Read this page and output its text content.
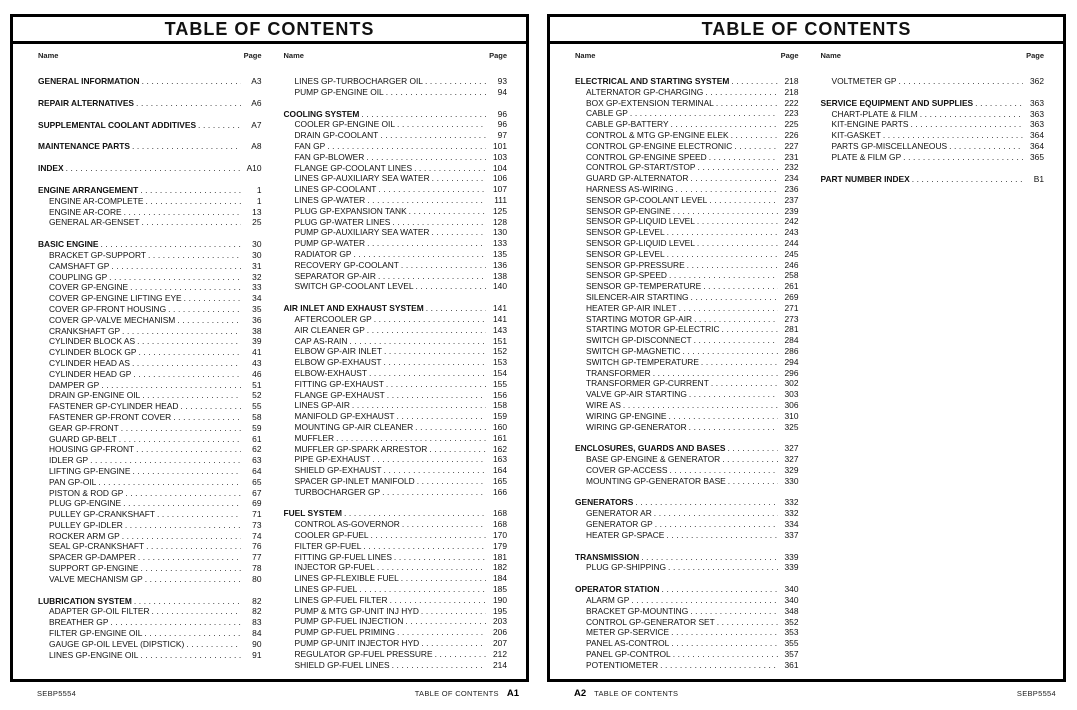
TABLE OF CONTENTS
Name	Page
GENERAL INFORMATION .....	A3
REPAIR ALTERNATIVES .....	A6
SUPPLEMENTAL COOLANT ADDITIVES .....	A7
MAINTENANCE PARTS .....	A8
INDEX .....	A10
ENGINE ARRANGEMENT .....	1
ENGINE AR-COMPLETE .....	1
ENGINE AR-CORE .....	13
GENERAL AR-GENSET .....	25
BASIC ENGINE .....	30
BRACKET GP-SUPPORT .....	30
CAMSHAFT GP .....	31
COUPLING GP .....	32
COVER GP-ENGINE .....	33
COVER GP-ENGINE LIFTING EYE .....	34
COVER GP-FRONT HOUSING .....	35
COVER GP-VALVE MECHANISM .....	36
CRANKSHAFT GP .....	38
CYLINDER BLOCK AS .....	39
CYLINDER BLOCK GP .....	41
CYLINDER HEAD AS .....	43
CYLINDER HEAD GP .....	46
DAMPER GP .....	51
DRAIN GP-ENGINE OIL .....	52
FASTENER GP-CYLINDER HEAD .....	55
FASTENER GP-FRONT COVER .....	58
GEAR GP-FRONT .....	59
GUARD GP-BELT .....	61
HOUSING GP-FRONT .....	62
IDLER GP .....	63
LIFTING GP-ENGINE .....	64
PAN GP-OIL .....	65
PISTON & ROD GP .....	67
PLUG GP-ENGINE .....	69
PULLEY GP-CRANKSHAFT .....	71
PULLEY GP-IDLER .....	73
ROCKER ARM GP .....	74
SEAL GP-CRANKSHAFT .....	76
SPACER GP-DAMPER .....	77
SUPPORT GP-ENGINE .....	78
VALVE MECHANISM GP .....	80
LUBRICATION SYSTEM .....	82
ADAPTER GP-OIL FILTER .....	82
BREATHER GP .....	83
FILTER GP-ENGINE OIL .....	84
GAUGE GP-OIL LEVEL (DIPSTICK) .....	90
LINES GP-ENGINE OIL .....	91
Name	Page
LINES GP-TURBOCHARGER OIL .....	93
PUMP GP-ENGINE OIL .....	94
COOLING SYSTEM .....	96
COOLER GP-ENGINE OIL .....	96
DRAIN GP-COOLANT .....	97
FAN GP .....	101
FAN GP-BLOWER .....	103
FLANGE GP-COOLANT LINES .....	104
LINES GP-AUXILIARY SEA WATER .....	106
LINES GP-COOLANT .....	107
LINES GP-WATER .....	111
PLUG GP-EXPANSION TANK .....	125
PLUG GP-WATER LINES .....	128
PUMP GP-AUXILIARY SEA WATER .....	130
PUMP GP-WATER .....	133
RADIATOR GP .....	135
RECOVERY GP-COOLANT .....	136
SEPARATOR GP-AIR .....	138
SWITCH GP-COOLANT LEVEL .....	140
AIR INLET AND EXHAUST SYSTEM .....	141
AFTERCOOLER GP .....	141
AIR CLEANER GP .....	143
CAP AS-RAIN .....	151
ELBOW GP-AIR INLET .....	152
ELBOW GP-EXHAUST .....	153
ELBOW-EXHAUST .....	154
FITTING GP-EXHAUST .....	155
FLANGE GP-EXHAUST .....	156
LINES GP-AIR .....	158
MANIFOLD GP-EXHAUST .....	159
MOUNTING GP-AIR CLEANER .....	160
MUFFLER .....	161
MUFFLER GP-SPARK ARRESTOR .....	162
PIPE GP-EXHAUST .....	163
SHIELD GP-EXHAUST .....	164
SPACER GP-INLET MANIFOLD .....	165
TURBOCHARGER GP .....	166
FUEL SYSTEM .....	168
CONTROL AS-GOVERNOR .....	168
COOLER GP-FUEL .....	170
FILTER GP-FUEL .....	179
FITTING GP-FUEL LINES .....	181
INJECTOR GP-FUEL .....	182
LINES GP-FLEXIBLE FUEL .....	184
LINES GP-FUEL .....	185
LINES GP-FUEL FILTER .....	190
PUMP & MTG GP-UNIT INJ HYD .....	195
PUMP GP-FUEL INJECTION .....	203
PUMP GP-FUEL PRIMING .....	206
PUMP GP-UNIT INJECTOR HYD .....	207
REGULATOR GP-FUEL PRESSURE .....	212
SHIELD GP-FUEL LINES .....	214
SEBP5554	TABLE OF CONTENTS A1
TABLE OF CONTENTS
Name	Page
ELECTRICAL AND STARTING SYSTEM .....	218
ALTERNATOR GP-CHARGING .....	218
BOX GP-EXTENSION TERMINAL .....	222
CABLE GP .....	223
CABLE GP-BATTERY .....	225
CONTROL & MTG GP-ENGINE ELEK .....	226
CONTROL GP-ENGINE ELECTRONIC .....	227
CONTROL GP-ENGINE SPEED .....	231
CONTROL GP-START/STOP .....	232
GUARD GP-ALTERNATOR .....	234
HARNESS AS-WIRING .....	236
SENSOR GP-COOLANT LEVEL .....	237
SENSOR GP-ENGINE .....	239
SENSOR GP-LIQUID LEVEL .....	242
SENSOR GP-LEVEL .....	243
SENSOR GP-LIQUID LEVEL .....	244
SENSOR GP-LEVEL .....	245
SENSOR GP-PRESSURE .....	246
SENSOR GP-SPEED .....	258
SENSOR GP-TEMPERATURE .....	261
SILENCER-AIR STARTING .....	269
HEATER GP-AIR INLET .....	271
STARTING MOTOR GP-AIR .....	273
STARTING MOTOR GP-ELECTRIC .....	281
SWITCH GP-DISCONNECT .....	284
SWITCH GP-MAGNETIC .....	286
SWITCH GP-TEMPERATURE .....	294
TRANSFORMER .....	296
TRANSFORMER GP-CURRENT .....	302
VALVE GP-AIR STARTING .....	303
WIRE AS .....	306
WIRING GP-ENGINE .....	310
WIRING GP-GENERATOR .....	325
ENCLOSURES, GUARDS AND BASES .....	327
BASE GP-ENGINE & GENERATOR .....	327
COVER GP-ACCESS .....	329
MOUNTING GP-GENERATOR BASE .....	330
GENERATORS .....	332
GENERATOR AR .....	332
GENERATOR GP .....	334
HEATER GP-SPACE .....	337
TRANSMISSION .....	339
PLUG GP-SHIPPING .....	339
OPERATOR STATION .....	340
ALARM GP .....	340
BRACKET GP-MOUNTING .....	348
CONTROL GP-GENERATOR SET .....	352
METER GP-SERVICE .....	353
PANEL AS-CONTROL .....	355
PANEL GP-CONTROL .....	357
POTENTIOMETER .....	361
Name	Page
VOLTMETER GP .....	362
SERVICE EQUIPMENT AND SUPPLIES .....	363
CHART-PLATE & FILM .....	363
KIT-ENGINE PARTS .....	363
KIT-GASKET .....	364
PARTS GP-MISCELLANEOUS .....	364
PLATE & FILM GP .....	365
PART NUMBER INDEX .....	B1
A2 TABLE OF CONTENTS	SEBP5554
